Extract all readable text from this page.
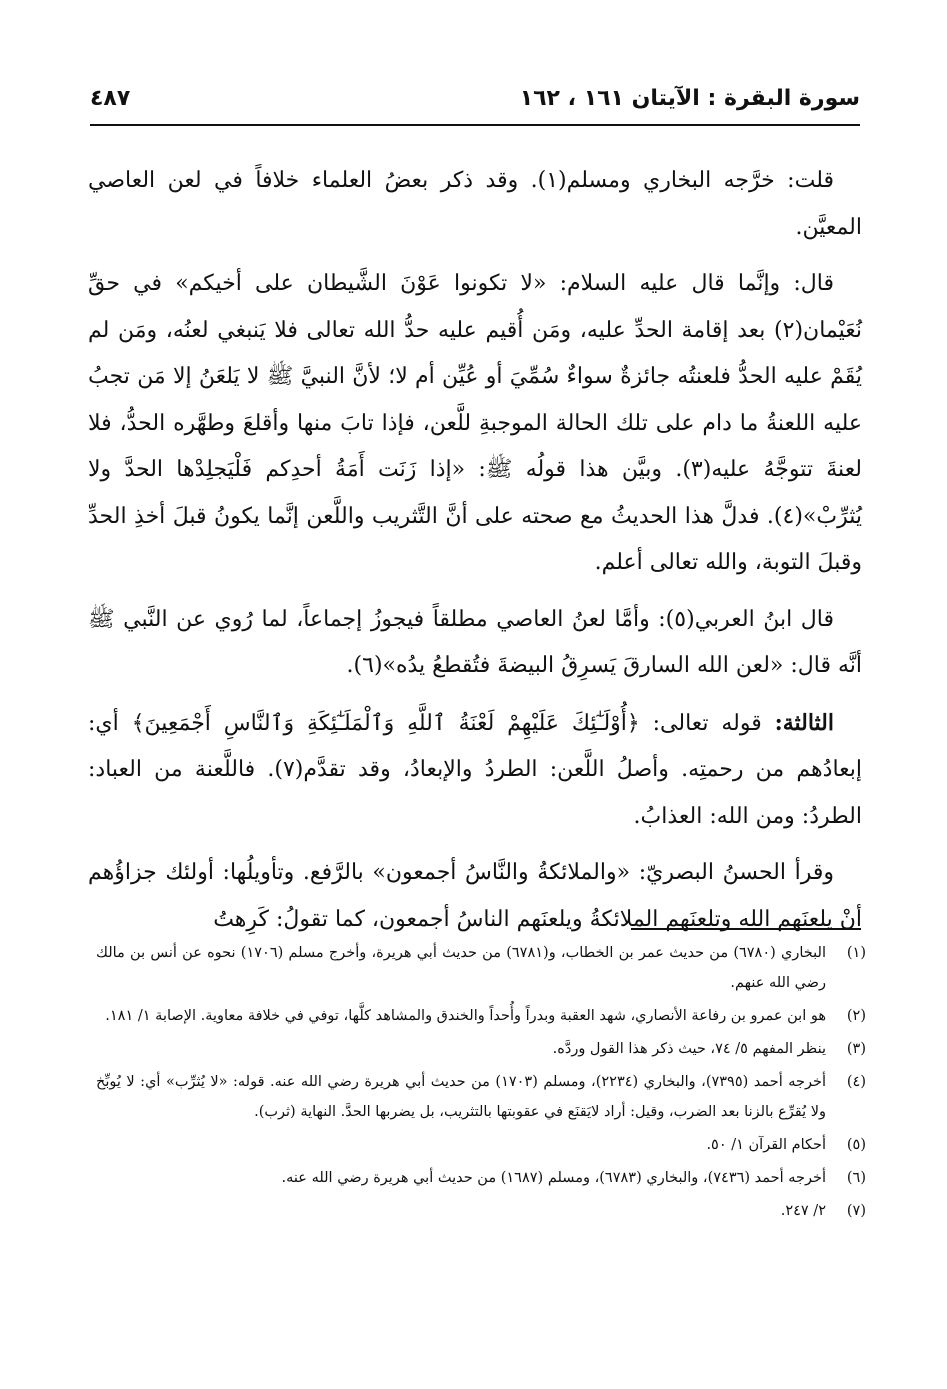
سورة البقرة : الآيتان ١٦١ ، ١٦٢
٤٨٧

قلت: خرَّجه البخاري ومسلم(١). وقد ذكر بعضُ العلماء خلافاً في لعن العاصي المعيَّن.

قال: وإنَّما قال عليه السلام: «لا تكونوا عَوْنَ الشَّيطان على أخيكم» في حقِّ نُعَيْمان(٢) بعد إقامة الحدِّ عليه، ومَن أُقيم عليه حدُّ الله تعالى فلا يَنبغي لعنُه، ومَن لم يُقَمْ عليه الحدُّ فلعنتُه جائزةٌ سواءٌ سُمِّيَ أو عُيِّن أم لا؛ لأنَّ النبيَّ ﷺ لا يَلعَنُ إلا مَن تجبُ عليه اللعنةُ ما دام على تلك الحالة الموجبةِ للَّعن، فإذا تابَ منها وأقلعَ وطهَّره الحدُّ، فلا لعنةَ تتوجَّهُ عليه(٣). وبيَّن هذا قولُه ﷺ: «إذا زَنَت أَمَةُ أحدِكم فَلْيَجلِدْها الحدَّ ولا يُثرِّبْ»(٤). فدلَّ هذا الحديثُ مع صحته على أنَّ التَّثريب واللَّعن إنَّما يكونُ قبلَ أخذِ الحدِّ وقبلَ التوبة، والله تعالى أعلم.

قال ابنُ العربي(٥): وأمَّا لعنُ العاصي مطلقاً فيجوزُ إجماعاً، لما رُوي عن النَّبي ﷺ أنَّه قال: «لعن الله السارقَ يَسرِقُ البيضةَ فتُقطعُ يدُه»(٦).

الثالثة: قوله تعالى: ﴿أُوْلَـٰٓئِكَ عَلَيْهِمْ لَعْنَةُ ٱللَّهِ وَٱلْمَلَـٰٓئِكَةِ وَٱلنَّاسِ أَجْمَعِينَ﴾ أي: إبعادُهم من رحمتِه. وأصلُ اللَّعن: الطردُ والإبعادُ، وقد تقدَّم(٧). فاللَّعنة من العباد: الطردُ: ومن الله: العذابُ.

وقرأ الحسنُ البصريّ: «والملائكةُ والنَّاسُ أجمعون» بالرَّفع. وتأويلُها: أولئك جزاؤُهم أنْ يلعنَهم الله وتلعنَهم الملائكةُ ويلعنَهم الناسُ أجمعون، كما تقولُ: كَرِهتُ

(١)
البخاري (٦٧٨٠) من حديث عمر بن الخطاب، و(٦٧٨١) من حديث أبي هريرة، وأخرج مسلم (١٧٠٦) نحوه عن أنس بن مالك رضي الله عنهم.
(٢)
هو ابن عمرو بن رفاعة الأنصاري، شهد العقبة وبدراً وأُحداً والخندق والمشاهد كلَّها، توفي في خلافة معاوية. الإصابة ١/ ١٨١.
(٣)
ينظر المفهم ٥/ ٧٤، حيث ذكر هذا القول وردَّه.
(٤)
أخرجه أحمد (٧٣٩٥)، والبخاري (٢٢٣٤)، ومسلم (١٧٠٣) من حديث أبي هريرة رضي الله عنه. قوله: «لا يُثرِّب» أي: لا يُوبِّخ ولا يُقرِّع بالزنا بعد الضرب، وقيل: أراد لايَقنَع في عقوبتها بالتثريب، بل يضربها الحدَّ. النهاية (ثرب).
(٥)
أحكام القرآن ١/ ٥٠.
(٦)
أخرجه أحمد (٧٤٣٦)، والبخاري (٦٧٨٣)، ومسلم (١٦٨٧) من حديث أبي هريرة رضي الله عنه.
(٧)
٢/ ٢٤٧.
